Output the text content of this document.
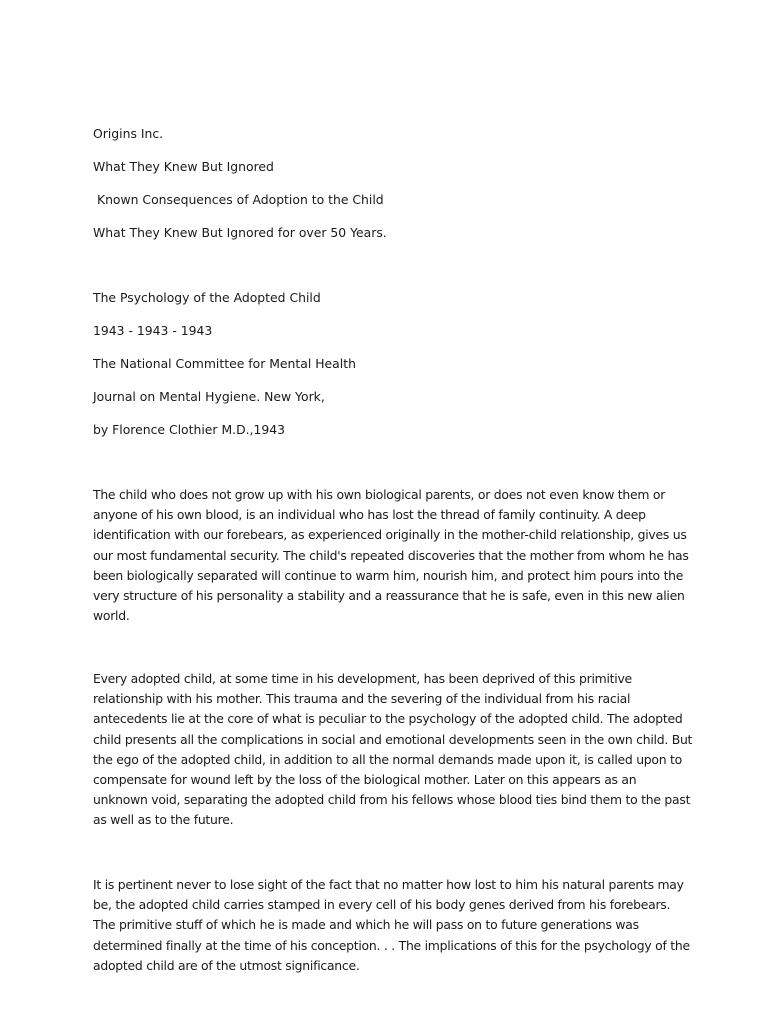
Origins Inc.

What They Knew But Ignored

Known Consequences of Adoption to the Child

What They Knew But Ignored for over 50 Years.

The Psychology of the Adopted Child

1943 - 1943 - 1943

The National Committee for Mental Health

Journal on Mental Hygiene. New York,

by Florence Clothier M.D.,1943

The child who does not grow up with his own biological parents, or does not even know them or anyone of his own blood, is an individual who has lost the thread of family continuity. A deep identification with our forebears, as experienced originally in the mother-child relationship, gives us our most fundamental security. The child's repeated discoveries that the mother from whom he has been biologically separated will continue to warm him, nourish him, and protect him pours into the very structure of his personality a stability and a reassurance that he is safe, even in this new alien world.

Every adopted child, at some time in his development, has been deprived of this primitive relationship with his mother. This trauma and the severing of the individual from his racial antecedents lie at the core of what is peculiar to the psychology of the adopted child. The adopted child presents all the complications in social and emotional developments seen in the own child. But the ego of the adopted child, in addition to all the normal demands made upon it, is called upon to compensate for wound left by the loss of the biological mother. Later on this appears as an unknown void, separating the adopted child from his fellows whose blood ties bind them to the past as well as to the future.

It is pertinent never to lose sight of the fact that no matter how lost to him his natural parents may be, the adopted child carries stamped in every cell of his body genes derived from his forebears. The primitive stuff of which he is made and which he will pass on to future generations was determined finally at the time of his conception. . . The implications of this for the psychology of the adopted child are of the utmost significance.
